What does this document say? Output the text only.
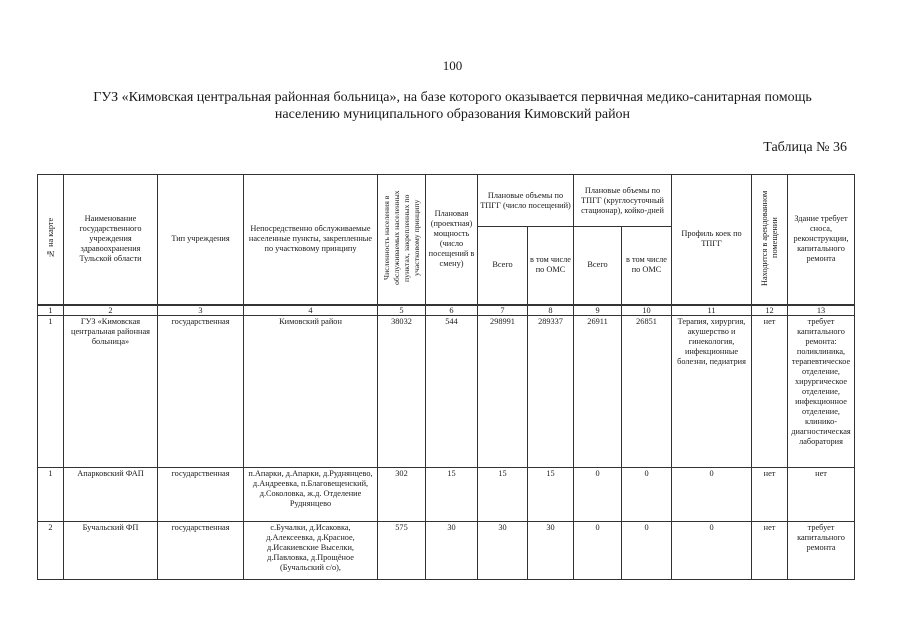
100
ГУЗ «Кимовская центральная районная больница», на базе которого оказывается первичная медико-санитарная помощь
населению муниципального образования Кимовский район
Таблица № 36
№ на карте	Наименование государственного учреждения здравоохранения Тульской области	Тип учреждения	Непосредственно обслуживаемые населенные пункты, закрепленные по участковому принципу	Численность населения в обслуживаемых населенных пунктах, закрепленных по участковому принципу	Плановая (проектная) мощность (число посещений в смену)	Плановые объемы по ТПГГ (число посещений)		Плановые объемы по ТПГГ (круглосуточный стационар), койко-дней		Профиль коек по ТПГГ	Находится в арендованном помещении	Здание требует сноса, реконструкции, капитального ремонта
						Всего	в том числе по ОМС	Всего	в том числе по ОМС			
1	2	3	4	5	6	7	8	9	10	11	12	13
1	ГУЗ «Кимовская центральная районная больница»	государственная	Кимовский район	38032	544	298991	289337	26911	26851	Терапия, хирургия, акушерство и гинекология, инфекционные болезни, педиатрия	нет	требует капитального ремонта: поликлиника, терапевтическое отделение, хирургическое отделение, инфекционное отделение, клинико-диагностическая лаборатория
1	Апарковский ФАП	государственная	п.Апарки, д.Апарки, д.Руднянцево, д.Андреевка, п.Благовещенский, д.Соколовка, ж.д. Отделение Руднянцево	302	15	15	15	0	0	0	нет	нет
2	Бучальский ФП	государственная	с.Бучалки, д.Исаковка, д.Алексеевка, д.Красное, д.Исакиевские Выселки, д.Павловка, д.Прощёное (Бучальский с/о),	575	30	30	30	0	0	0	нет	требует капитального ремонта
